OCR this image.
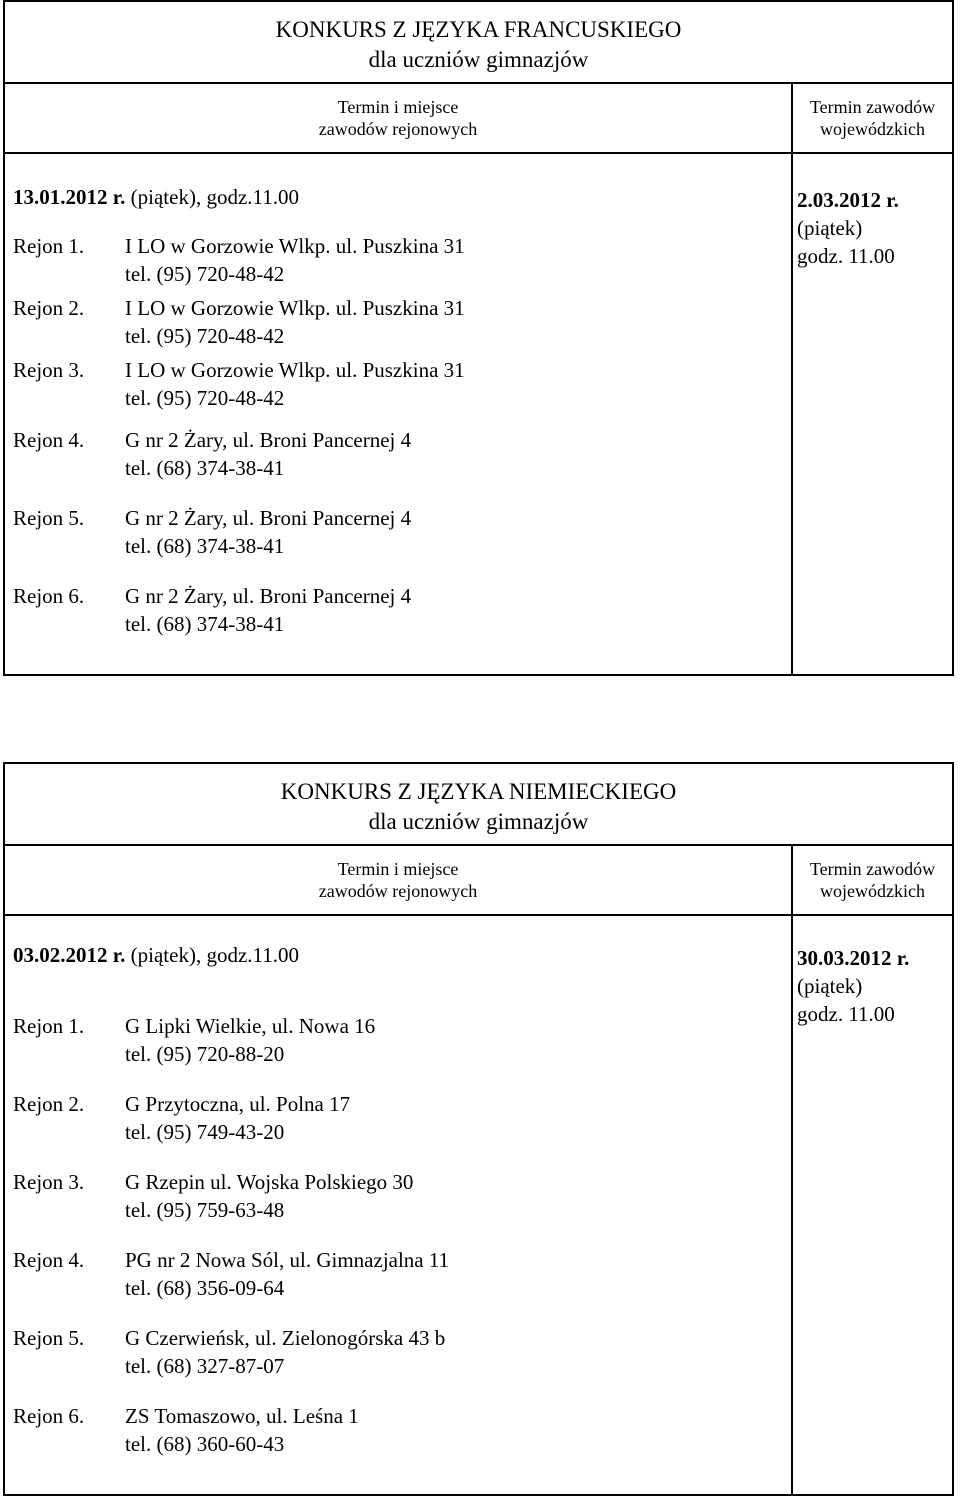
KONKURS Z JĘZYKA FRANCUSKIEGO
dla uczniów gimnazjów
Termin i miejsce
zawodów rejonowych
Termin zawodów
wojewódzkich
13.01.2012 r. (piątek), godz.11.00	2.03.2012 r.
(piątek)
godz. 11.00
Rejon 1. I LO w Gorzowie Wlkp. ul. Puszkina 31
tel. (95) 720-48-42
Rejon 2. I LO w Gorzowie Wlkp. ul. Puszkina 31
tel. (95) 720-48-42
Rejon 3. I LO w Gorzowie Wlkp. ul. Puszkina 31
tel. (95) 720-48-42
Rejon 4. G nr 2 Żary, ul. Broni Pancernej 4
tel. (68) 374-38-41
Rejon 5. G nr 2 Żary, ul. Broni Pancernej 4
tel. (68) 374-38-41
Rejon 6. G nr 2 Żary, ul. Broni Pancernej 4
tel. (68) 374-38-41
KONKURS Z JĘZYKA NIEMIECKIEGO
dla uczniów gimnazjów
Termin i miejsce
zawodów rejonowych
Termin zawodów
wojewódzkich
03.02.2012 r. (piątek), godz.11.00	30.03.2012 r.
(piątek)
godz. 11.00
Rejon 1. G Lipki Wielkie, ul. Nowa 16
tel. (95) 720-88-20
Rejon 2. G Przytoczna, ul. Polna 17
tel. (95) 749-43-20
Rejon 3. G Rzepin ul. Wojska Polskiego 30
tel. (95) 759-63-48
Rejon 4. PG nr 2 Nowa Sól, ul. Gimnazjalna 11
tel. (68) 356-09-64
Rejon 5. G Czerwieńsk, ul. Zielonogórska 43 b
tel. (68) 327-87-07
Rejon 6. ZS Tomaszowo, ul. Leśna 1
tel. (68) 360-60-43
